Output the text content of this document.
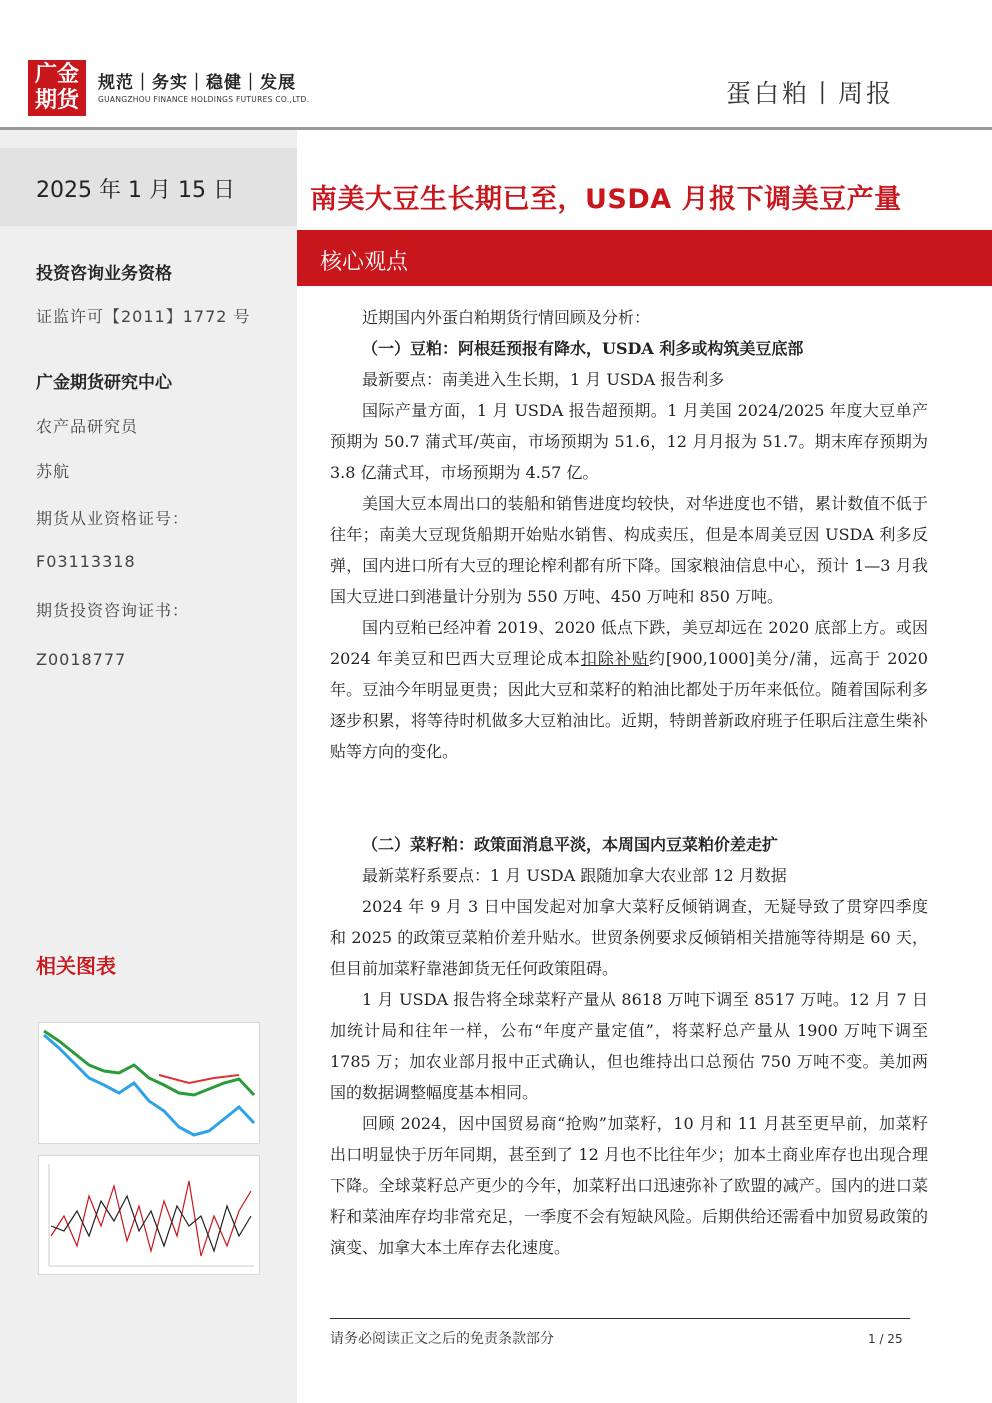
广金
期货
规范｜务实｜稳健｜发展
GUANGZHOU FINANCE HOLDINGS FUTURES CO.,LTD.	蛋白粕丨周报
2025 年 1 月 15 日
投资咨询业务资格
证监许可【2011】1772 号
广金期货研究中心
农产品研究员
苏航
期货从业资格证号：
F03113318
期货投资咨询证书：
Z0018777
相关图表
南美大豆生长期已至，USDA 月报下调美豆产量
核心观点

近期国内外蛋白粕期货行情回顾及分析：

（一）豆粕：阿根廷预报有降水，USDA 利多或构筑美豆底部

最新要点：南美进入生长期，1 月 USDA 报告利多

国际产量方面，1 月 USDA 报告超预期。1 月美国 2024/2025 年度大豆单产预期为 50.7 蒲式耳/英亩，市场预期为 51.6，12 月月报为 51.7。期末库存预期为 3.8 亿蒲式耳，市场预期为 4.57 亿。

美国大豆本周出口的装船和销售进度均较快，对华进度也不错，累计数值不低于往年；南美大豆现货船期开始贴水销售、构成卖压，但是本周美豆因 USDA 利多反弹，国内进口所有大豆的理论榨利都有所下降。国家粮油信息中心，预计 1—3 月我国大豆进口到港量计分别为 550 万吨、450 万吨和 850 万吨。

国内豆粕已经冲着 2019、2020 低点下跌，美豆却远在 2020 底部上方。或因 2024 年美豆和巴西大豆理论成本扣除补贴约[900,1000]美分/蒲，远高于 2020 年。豆油今年明显更贵；因此大豆和菜籽的粕油比都处于历年来低位。随着国际利多逐步积累，将等待时机做多大豆粕油比。近期，特朗普新政府班子任职后注意生柴补贴等方向的变化。

（二）菜籽粕：政策面消息平淡，本周国内豆菜粕价差走扩

最新菜籽系要点：1 月 USDA 跟随加拿大农业部 12 月数据

2024 年 9 月 3 日中国发起对加拿大菜籽反倾销调查，无疑导致了贯穿四季度和 2025 的政策豆菜粕价差升贴水。世贸条例要求反倾销相关措施等待期是 60 天，但目前加菜籽靠港卸货无任何政策阻碍。

1 月 USDA 报告将全球菜籽产量从 8618 万吨下调至 8517 万吨。12 月 7 日加统计局和往年一样，公布“年度产量定值”，将菜籽总产量从 1900 万吨下调至 1785 万；加农业部月报中正式确认，但也维持出口总预估 750 万吨不变。美加两国的数据调整幅度基本相同。

回顾 2024，因中国贸易商“抢购”加菜籽，10 月和 11 月甚至更早前，加菜籽出口明显快于历年同期，甚至到了 12 月也不比往年少；加本土商业库存也出现合理下降。全球菜籽总产更少的今年，加菜籽出口迅速弥补了欧盟的减产。国内的进口菜籽和菜油库存均非常充足，一季度不会有短缺风险。后期供给还需看中加贸易政策的演变、加拿大本土库存去化速度。

请务必阅读正文之后的免责条款部分	1 / 25
